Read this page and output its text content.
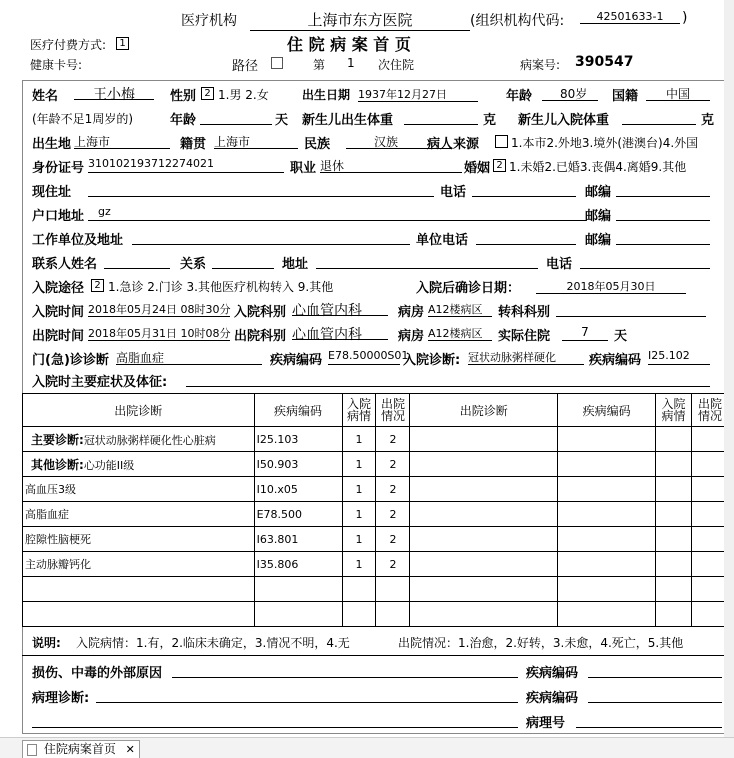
医疗机构	上海市东方医院	(组织机构代码:	42501633-1	)
医疗付费方式:	1	住 院 病 案 首 页
健康卡号:	路径	第 1 次住院	病案号: 390547
姓名	王小梅	性别 2 1.男 2.女	出生日期 1937年12月27日	年龄	80岁	国籍	中国
(年龄不足1周岁的)	年龄	天 新生儿出生体重	克 新生儿入院体重	克
出生地 上海市	籍贯 上海市	民族	汉族	病人来源	1.本市2.外地3.境外(港澳台)4.外国
身份证号 310102193712274021	职业 退休	婚姻 2 1.未婚2.已婚3.丧偶4.离婚9.其他
现住址	电话	邮编
户口地址	gz	邮编
工作单位及地址	单位电话	邮编
联系人姓名	关系	地址	电话
入院途径	2 1.急诊 2.门诊 3.其他医疗机构转入 9.其他	入院后确诊日期：	2018年05月30日
入院时间 2018年05月24日 08时30分 入院科别 心血管内科	病房 A12楼病区	转科科别
出院时间 2018年05月31日 10时08分 出院科别 心血管内科	病房 A12楼病区	实际住院	7	天
门(急)诊诊断 高脂血症	疾病编码 E78.50000S01
入院诊断: 冠状动脉粥样硬化	疾病编码 I25.102
入院时主要症状及体征:
出院诊断	疾病编码	入院病情	出院情况	出院诊断	疾病编码	入院病情	出院情况
主要诊断:冠状动脉粥样硬化性心脏病	I25.103	1	2				
其他诊断:心功能II级	I50.903	1	2				
高血压3级	I10.x05	1	2				
高脂血症	E78.500	1	2				
腔隙性脑梗死	I63.801	1	2				
主动脉瓣钙化	I35.806	1	2				

说明: 入院病情：1.有，2.临床未确定，3.情况不明，4.无	出院情况：1.治愈，2.好转，3.未愈，4.死亡，5.其他
损伤、中毒的外部原因	疾病编码
病理诊断:	疾病编码
病理号
住院病案首页 ✕
